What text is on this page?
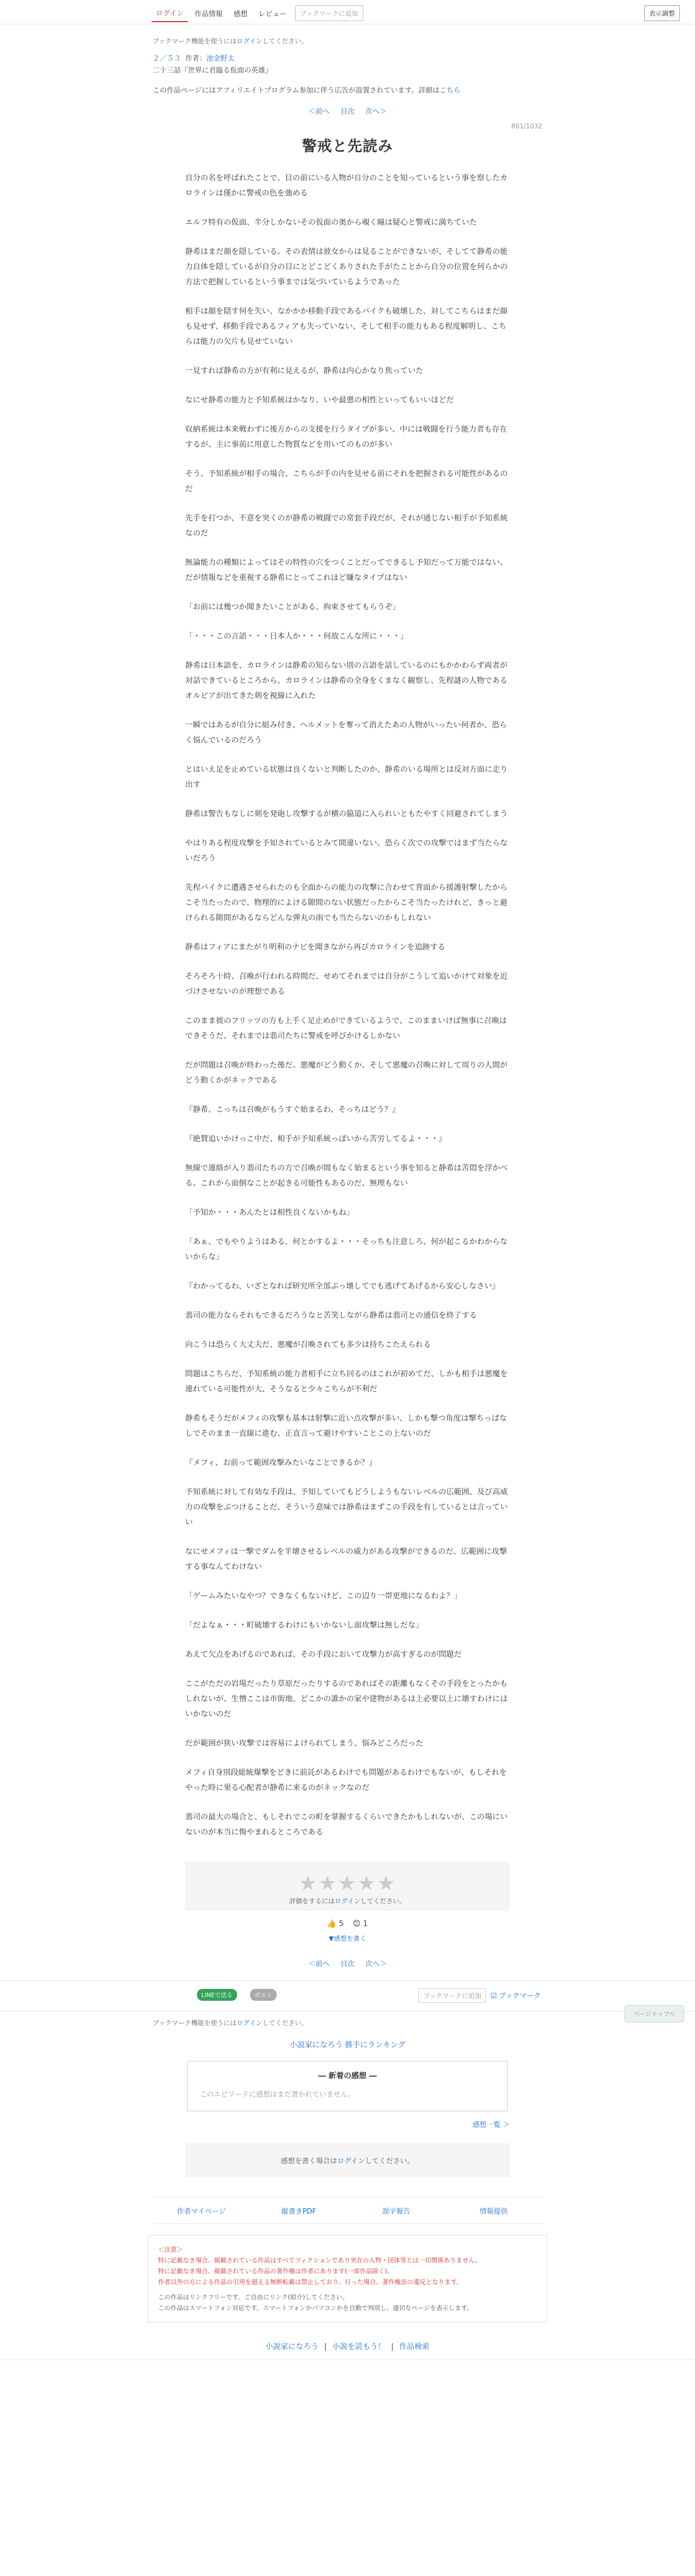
ログイン	作品情報	感想	レビュー	ブックマークに追加	表示調整
ブックマーク機能を使うにはログインしてください。
２／５３ 作者：池金野太
二十三話『世界に君臨る仮面の英雄』
この作品ページにはアフィリエイトプログラム参加に伴う広告が設置されています。詳細はこちら
＜前へ 目次 次へ＞
801/1032
警戒と先読み

自分の名を呼ばれたことで、目の前にいる人物が自分のことを知っているという事を察したカロラインは僅かに警戒の色を強める

エルフ特有の仮面、半分しかないその仮面の奥から覗く瞳は疑心と警戒に満ちていた

静希はまだ顔を隠している。その表情は彼女からは見ることができないが、そしてて静希の能力自体を隠しているが自分の目にとどこどくありされた手がたことから自分の位置を何らかの方法で把握しているという事までは気づいているようであった

相手は顔を隠す何を失い、なかかか移動手段であるバイクも破壊した、対してこちらはまだ顔も見せず、移動手段であるフィアも失っていない、そして相手の能力もある程度解明し、こちらは能力の欠片も見せていない

一見すれば静希の方が有利に見えるが、静希は内心かなり焦っていた

なにせ静希の能力と予知系統はかなり、いや最悪の相性といってもいいほどだ

収納系統は本来戦わずに後方からの支援を行うタイプが多い、中には戦闘を行う能力者も存在するが、主に事前に用意した物質などを用いてのものが多い

そう、予知系統が相手の場合、こちらが手の内を見せる前にそれを把握される可能性があるのだ

先手を打つか、不意を突くのが静希の戦闘での常套手段だが、それが通じない相手が予知系統なのだ

無論能力の種類によってはその特性の穴をつくことだってできるし予知だって万能ではない、だが情報などを重視する静希にとってこれほど嫌なタイプはない

「お前には幾つか聞きたいことがある、拘束させてもらうぞ」

「・・・この言語・・・日本人か・・・何故こんな所に・・・」

静希は日本語を、カロラインは静希の知らない別の言語を話しているのにもかかわらず両者が対話できているところから、カロラインは静希の全身をくまなく観察し、先程謎の人物であるオルビアが出てきた剣を視線に入れた

一瞬ではあるが自分に組み付き、ヘルメットを奪って消えたあの人物がいったい何者か、恐らく悩んでいるのだろう

とはいえ足を止めている状態は良くないと判断したのか、静希のいる場所とは反対方面に走り出す

静希は警告もなしに剣を発砲し攻撃するが横の脇道に入られいともたやすく回避されてしまう

やはりある程度攻撃を予知されているとみて間違いない、恐らく次での攻撃ではまず当たらないだろう

先程バイクに遭遇させられたのも全面からの能力の攻撃に合わせて背面から援護射撃したからこそ当たったので、物理的によける隙間のない状態だったからこそ当たったけれど、きっと避けられる隙間があるならどんな弾丸の雨でも当たらないのかもしれない

静希はフィアにまたがり明利のナビを聞きながら再びカロラインを追跡する

そろそろ十時、召喚が行われる時間だ、せめてそれまでは自分がこうして追いかけて対象を近づけさせないのが理想である

このまま彼のフリッツの方も上手く足止めができているようで、このままいけば無事に召喚はできそうだ、それまでは翡司たちに警戒を呼びかけるしかない

だが問題は召喚が終わった後だ。悪魔がどう動くか、そして悪魔の召喚に対して周りの人間がどう動くかがネックである

『静希、こっちは召喚がもうすぐ始まるわ、そっちはどう？』

『絶賛追いかけっこ中だ、相手が予知系統っぽいから苦労してるよ・・・』

無線で連絡が入り翡司たちの方で召喚が間もなく始まるという事を知ると静希は苦悶を浮かべる。これから面倒なことが起きる可能性もあるのだ、無理もない

「予知か・・・あんたとは相性良くないかもね」

「あぁ、でもやりようはある、何とかするよ・・・そっちも注意しろ、何が起こるかわからないからな」

『わかってるわ、いざとなれば研究所全部ぶっ壊してでも逃げてあげるから安心しなさい』

翡司の能力ならそれもできるだろうなと苦笑しながら静希は翡司との通信を終了する

向こうは恐らく大丈夫だ、悪魔が召喚されても多少は持ちこたえられる

問題はこちらだ、予知系統の能力者相手に立ち回るのはこれが初めてだ、しかも相手は悪魔を連れている可能性が大、そうなると少々こちらが不利だ

静希もそうだがメフィの攻撃も基本は射撃に近い点攻撃が多い、しかも撃つ角度は撃ちっぱなしでそのまま一直線に進む、正直言って避けやすいことこの上ないのだ

『メフィ、お前って範囲攻撃みたいなことできるか？』

予知系統に対して有効な手段は、予知していてもどうしようもないレベルの広範囲、及び高威力の攻撃をぶつけることだ、そういう意味では静希はまずこの手段を有しているとは言っていい

なにせメフィは一撃でダムを半壊させるレベルの威力がある攻撃ができるのだ、広範囲に攻撃する事なんてわけない

「ゲームみたいなやつ？できなくもないけど、この辺り一帯更地になるわよ？」

「だよなぁ・・・町破壊するわけにもいかないし面攻撃は無しだな」

あえて欠点をあげるのであれば、その手段において攻撃力が高すぎるのが問題だ

ここがただの岩場だったり草原だったりするのであればその距離もなくその手段をとったかもしれないが、生憎ここは市街地、どこかの誰かの家や建物があるは上必要以上に壊すわけにはいかないのだ

だが範囲が狭い攻撃では容易によけられてしまう、悩みどころだった

メフィ自身別段総統爆撃をどきに前託があるわけでも問題があるわけでもないが、もしそれをやった時に果る心配者が静希に来るのがネックなのだ

翡司の最大の場合と、もしそれでこの町を掌握するくらいできたかもしれないが、この場にいないのが本当に悔やまれるところである

ページトップへ
★★★★★
評価をするにはログインしてください。
👍 5 😊 1
▼感想を書く
＜前へ 目次 次へ＞
LINEで送る	ポスト	ブックマークに追加	☑ ブックマーク
ブックマーク機能を使うにはログインしてください。
小説家になろう 勝手にランキング
― 新着の感想 ―
このエピソードに感想はまだ書かれていません。
感想一覧 ＞
感想を書く場合はログインしてください。
作者マイページ	縦書きPDF	誤字報告	情報提供
＜注意＞
特に記載なき場合、掲載されている作品はすべてフィクションであり実在の人物・団体等とは一切関係ありません。
特に記載なき場合、掲載されている作品の著作権は作者にあります(一部作品除く)。
作者以外の方による作品の引用を超える無断転載は禁止しており、行った場合、著作権法の違反となります。
この作品はリンクフリーです。ご自由にリンク(紹介)してください。
この作品はスマートフォン対応です。スマートフォンかパソコンかを自動で判別し、適切なページを表示します。
小説家になろう | 小説を読もう！ | 作品検索
